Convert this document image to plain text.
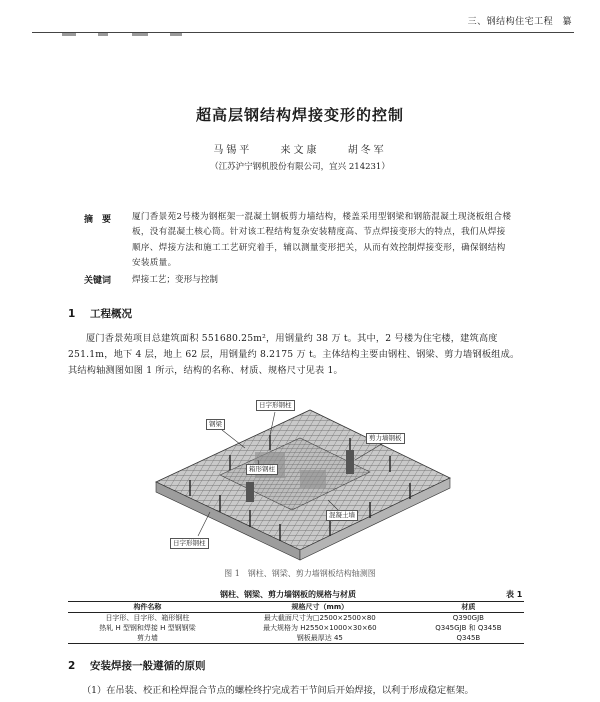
三、钢结构住宅工程 纂
超高层钢结构焊接变形的控制
马锡平	来文康	胡冬军
（江苏沪宁钢机股份有限公司，宜兴 214231）
摘　要 厦门香景苑2号楼为钢框架一混凝土钢板剪力墙结构，楼盖采用型钢梁和钢筋混凝土现浇板组合楼板，没有混凝土核心筒。针对该工程结构复杂安装精度高、节点焊接变形大的特点，我们从焊接顺序、焊接方法和施工工艺研究着手，辅以测量变形把关，从而有效控制焊接变形，确保钢结构安装质量。
关键词 焊接工艺；变形与控制
1 工程概况
厦门香景苑项目总建筑面积 551680.25m²，用钢量约 38 万 t。其中，2 号楼为住宅楼，建筑高度 251.1m，地下 4 层，地上 62 层，用钢量约 8.2175 万 t。主体结构主要由钢柱、钢梁、剪力墙钢板组成。其结构轴测图如图 1 所示，结构的名称、材质、规格尺寸见表 1。
日字形钢柱
钢梁
剪力墙钢板
箱形钢柱
混凝土墙
日字形钢柱
图 1　钢柱、钢梁、剪力墙钢板结构轴测图
钢柱、钢梁、剪力墙钢板的规格与材质	表 1
构件名称	规格尺寸（mm）	材质
日字形、目字形、箱形钢柱	最大截面尺寸为□2500×2500×80	Q390GJB
热轧 H 型钢和焊接 H 型钢钢梁	最大规格为 H2550×1000×30×60	Q345GJB 和 Q345B
剪力墙	钢板最厚达 45	Q345B
2 安装焊接一般遵循的原则
（1）在吊装、校正和栓焊混合节点的螺栓终拧完成若干节间后开始焊接，以利于形成稳定框架。
